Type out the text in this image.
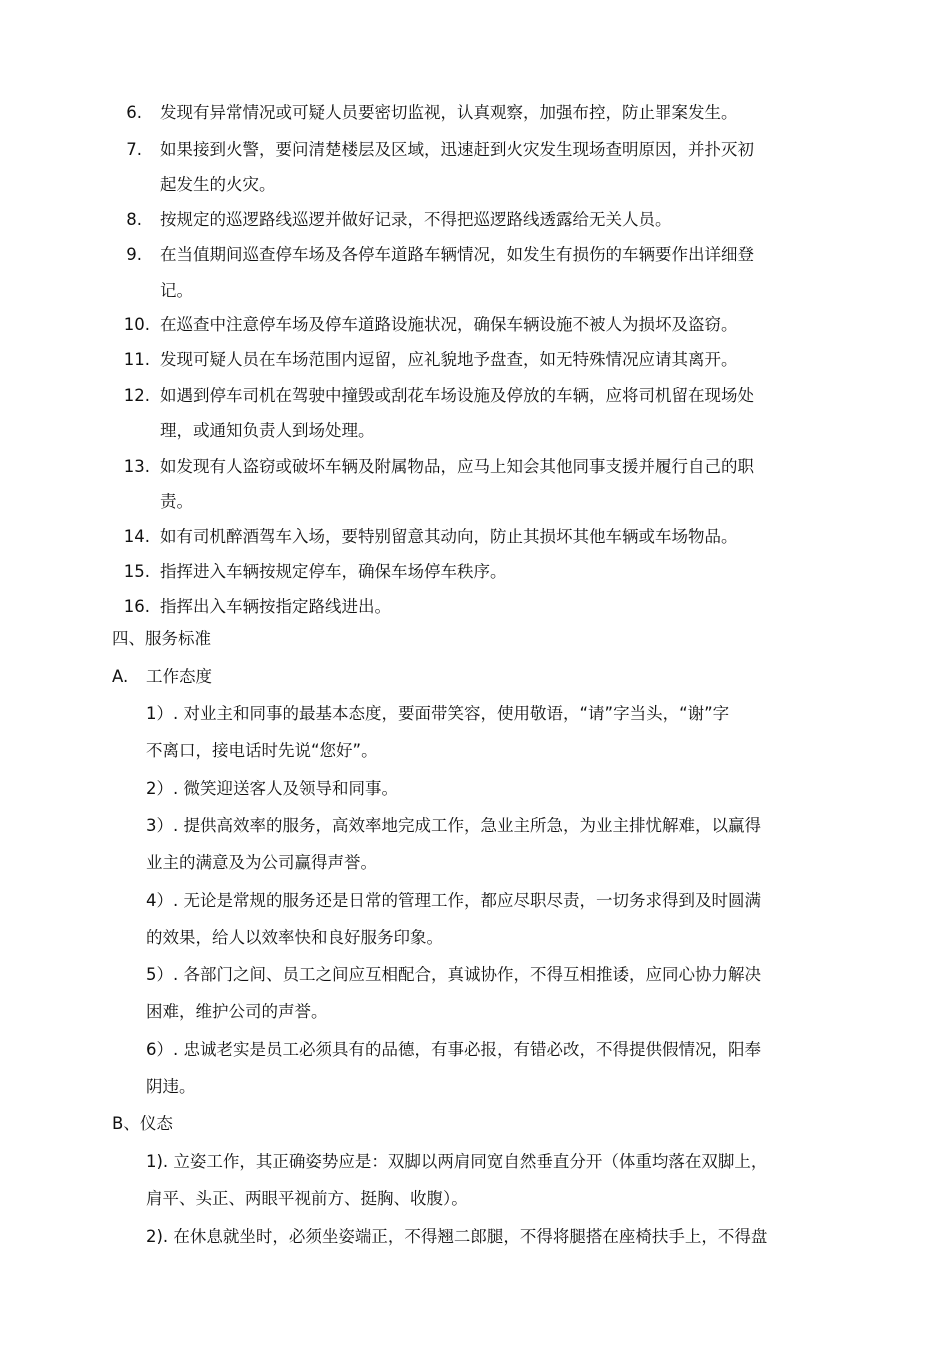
6. 发现有异常情况或可疑人员要密切监视，认真观察，加强布控，防止罪案发生。
7. 如果接到火警，要问清楚楼层及区域，迅速赶到火灾发生现场查明原因，并扑灭初
起发生的火灾。
8. 按规定的巡逻路线巡逻并做好记录，不得把巡逻路线透露给无关人员。
9. 在当值期间巡查停车场及各停车道路车辆情况，如发生有损伤的车辆要作出详细登
记。
10. 在巡查中注意停车场及停车道路设施状况，确保车辆设施不被人为损坏及盗窃。
11. 发现可疑人员在车场范围内逗留，应礼貌地予盘查，如无特殊情况应请其离开。
12. 如遇到停车司机在驾驶中撞毁或刮花车场设施及停放的车辆，应将司机留在现场处
理，或通知负责人到场处理。
13. 如发现有人盗窃或破坏车辆及附属物品，应马上知会其他同事支援并履行自己的职
责。
14. 如有司机醉酒驾车入场，要特别留意其动向，防止其损坏其他车辆或车场物品。
15. 指挥进入车辆按规定停车，确保车场停车秩序。
16. 指挥出入车辆按指定路线进出。
四、服务标准
A. 工作态度
1）. 对业主和同事的最基本态度，要面带笑容，使用敬语，“请”字当头，“谢”字
不离口，接电话时先说“您好”。
2）. 微笑迎送客人及领导和同事。
3）. 提供高效率的服务，高效率地完成工作，急业主所急，为业主排忧解难，以赢得
业主的满意及为公司赢得声誉。
4）. 无论是常规的服务还是日常的管理工作，都应尽职尽责，一切务求得到及时圆满
的效果，给人以效率快和良好服务印象。
5）. 各部门之间、员工之间应互相配合，真诚协作，不得互相推诿，应同心协力解决
困难，维护公司的声誉。
6）. 忠诚老实是员工必须具有的品德，有事必报，有错必改，不得提供假情况，阳奉
阴违。
B、仪态
1). 立姿工作，其正确姿势应是：双脚以两肩同宽自然垂直分开（体重均落在双脚上，
肩平、头正、两眼平视前方、挺胸、收腹）。
2). 在休息就坐时，必须坐姿端正，不得翘二郎腿，不得将腿搭在座椅扶手上，不得盘
